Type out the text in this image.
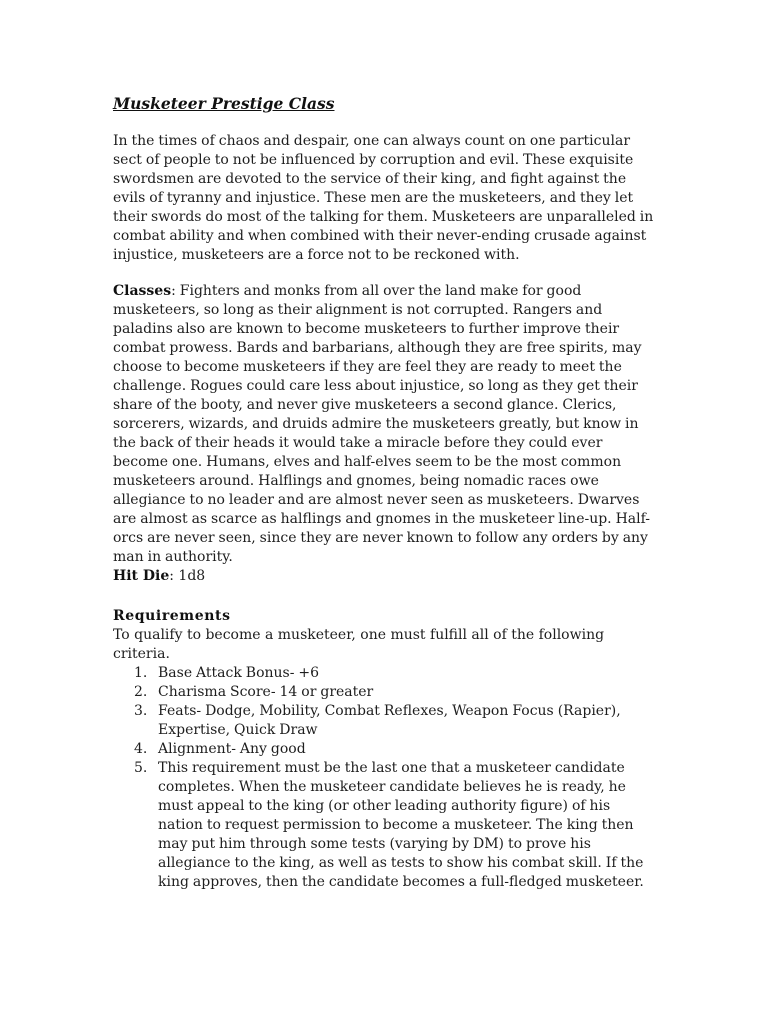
Musketeer Prestige Class

In the times of chaos and despair, one can always count on one particular sect of people to not be influenced by corruption and evil. These exquisite swordsmen are devoted to the service of their king, and fight against the evils of tyranny and injustice. These men are the musketeers, and they let their swords do most of the talking for them. Musketeers are unparalleled in combat ability and when combined with their never-ending crusade against injustice, musketeers are a force not to be reckoned with.

Classes: Fighters and monks from all over the land make for good musketeers, so long as their alignment is not corrupted. Rangers and paladins also are known to become musketeers to further improve their combat prowess. Bards and barbarians, although they are free spirits, may choose to become musketeers if they are feel they are ready to meet the challenge. Rogues could care less about injustice, so long as they get their share of the booty, and never give musketeers a second glance. Clerics, sorcerers, wizards, and druids admire the musketeers greatly, but know in the back of their heads it would take a miracle before they could ever become one. Humans, elves and half-elves seem to be the most common musketeers around. Halflings and gnomes, being nomadic races owe allegiance to no leader and are almost never seen as musketeers. Dwarves are almost as scarce as halflings and gnomes in the musketeer line-up. Half-orcs are never seen, since they are never known to follow any orders by any man in authority.

Hit Die: 1d8

Requirements

To qualify to become a musketeer, one must fulfill all of the following criteria.

1. Base Attack Bonus- +6
2. Charisma Score- 14 or greater
3. Feats- Dodge, Mobility, Combat Reflexes, Weapon Focus (Rapier), Expertise, Quick Draw
4. Alignment- Any good
5. This requirement must be the last one that a musketeer candidate completes. When the musketeer candidate believes he is ready, he must appeal to the king (or other leading authority figure) of his nation to request permission to become a musketeer. The king then may put him through some tests (varying by DM) to prove his allegiance to the king, as well as tests to show his combat skill. If the king approves, then the candidate becomes a full-fledged musketeer.
